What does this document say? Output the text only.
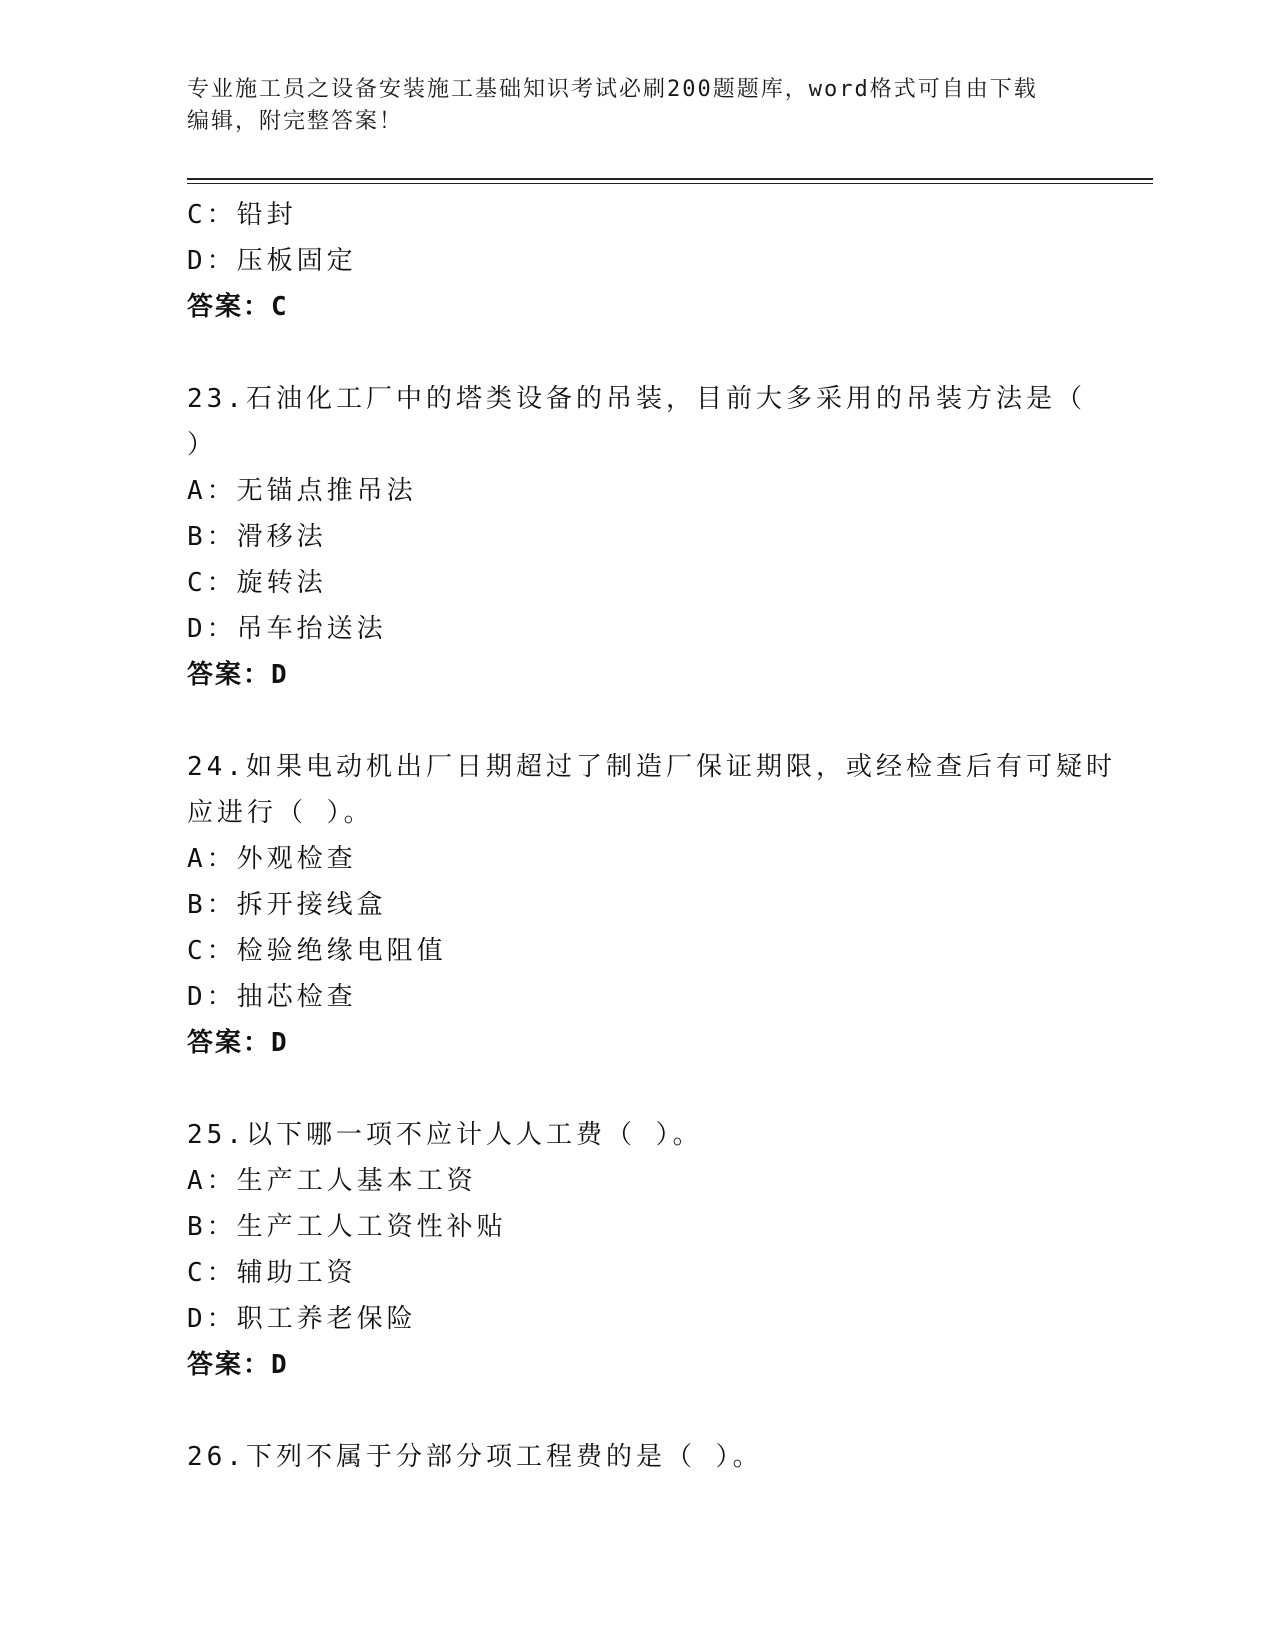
专业施工员之设备安装施工基础知识考试必刷200题题库，word格式可自由下载
编辑，附完整答案！
C：铅封
D：压板固定
答案：C
23.石油化工厂中的塔类设备的吊装，目前大多采用的吊装方法是（
）
A：无锚点推吊法
B：滑移法
C：旋转法
D：吊车抬送法
答案：D
24.如果电动机出厂日期超过了制造厂保证期限，或经检查后有可疑时
应进行（ ）。
A：外观检查
B：拆开接线盒
C：检验绝缘电阻值
D：抽芯检查
答案：D
25.以下哪一项不应计人人工费（ ）。
A：生产工人基本工资
B：生产工人工资性补贴
C：辅助工资
D：职工养老保险
答案：D
26.下列不属于分部分项工程费的是（ ）。
